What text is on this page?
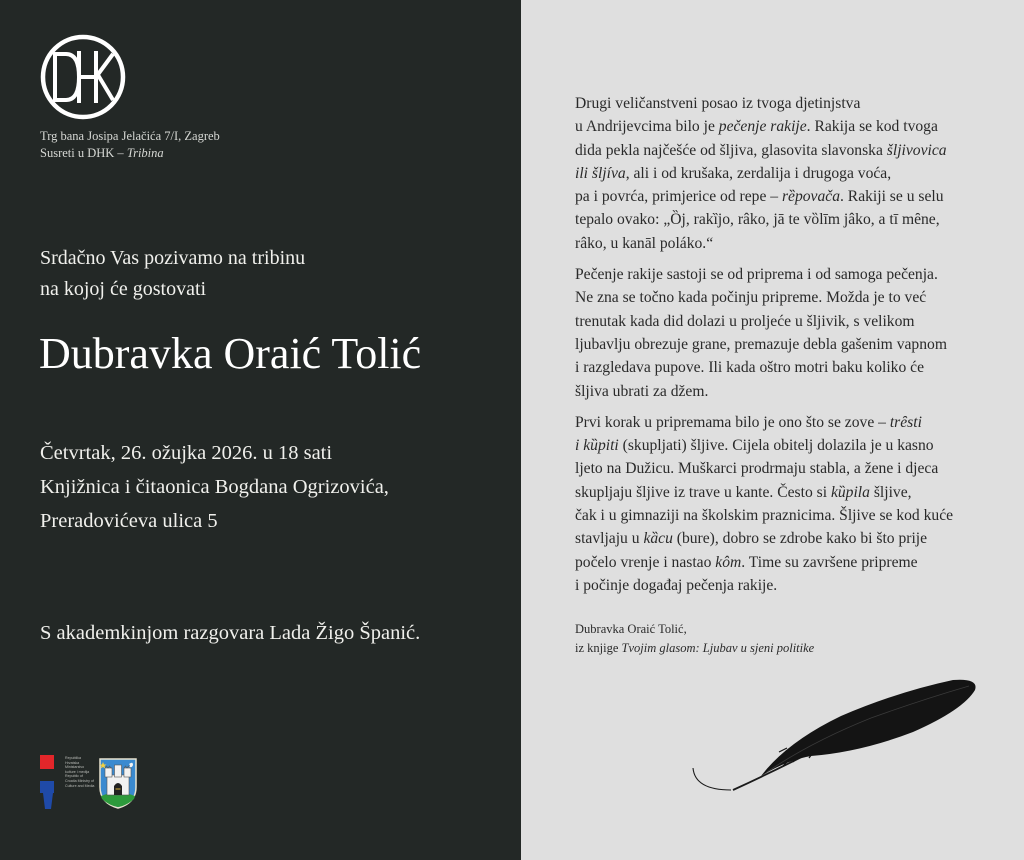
Trg bana Josipa Jelačića 7/I, Zagreb
Susreti u DHK – Tribina
Srdačno Vas pozivamo na tribinu
na kojoj će gostovati
Dubravka Oraić Tolić
Četvrtak, 26. ožujka 2026. u 18 sati
Knjižnica i čitaonica Bogdana Ogrizovića,
Preradovićeva ulica 5
S akademkinjom razgovara Lada Žigo Španić.
Republika Hrvatska Ministarstvo kulture i medija Republic of Croatia Ministry of Culture and Media

Drugi veličanstveni posao iz tvoga djetinjstva
u Andrijevcima bilo je pečenje rakije. Rakija se kod tvoga
dida pekla najčešće od šljiva, glasovita slavonska šljivovica
ili šljíva, ali i od krušaka, zerdalija i drugoga voća,
pa i povrća, primjerice od repe – rȅpovača. Rakiji se u selu
tepalo ovako: „Ȍj, rakȉjo, râko, jā te vȍlīm jâko, a tī mȇne,
râko, u kanāl poláko.“

Pečenje rakije sastoji se od priprema i od samoga pečenja.
Ne zna se točno kada počinju pripreme. Možda je to već
trenutak kada did dolazi u proljeće u šljivik, s velikom
ljubavlju obrezuje grane, premazuje debla gašenim vapnom
i razgledava pupove. Ili kada oštro motri baku koliko će
šljiva ubrati za džem.

Prvi korak u pripremama bilo je ono što se zove – trȇsti
i kȕpiti (skupljati) šljive. Cijela obitelj dolazila je u kasno
ljeto na Dužicu. Muškarci prodrmaju stabla, a žene i djeca
skupljaju šljive iz trave u kante. Često si kȕpila šljive,
čak i u gimnaziji na školskim praznicima. Šljive se kod kuće
stavljaju u kȁcu (bure), dobro se zdrobe kako bi što prije
počelo vrenje i nastao kôm. Time su završene pripreme
i počinje događaj pečenja rakije.

Dubravka Oraić Tolić,
iz knjige Tvojim glasom: Ljubav u sjeni politike
